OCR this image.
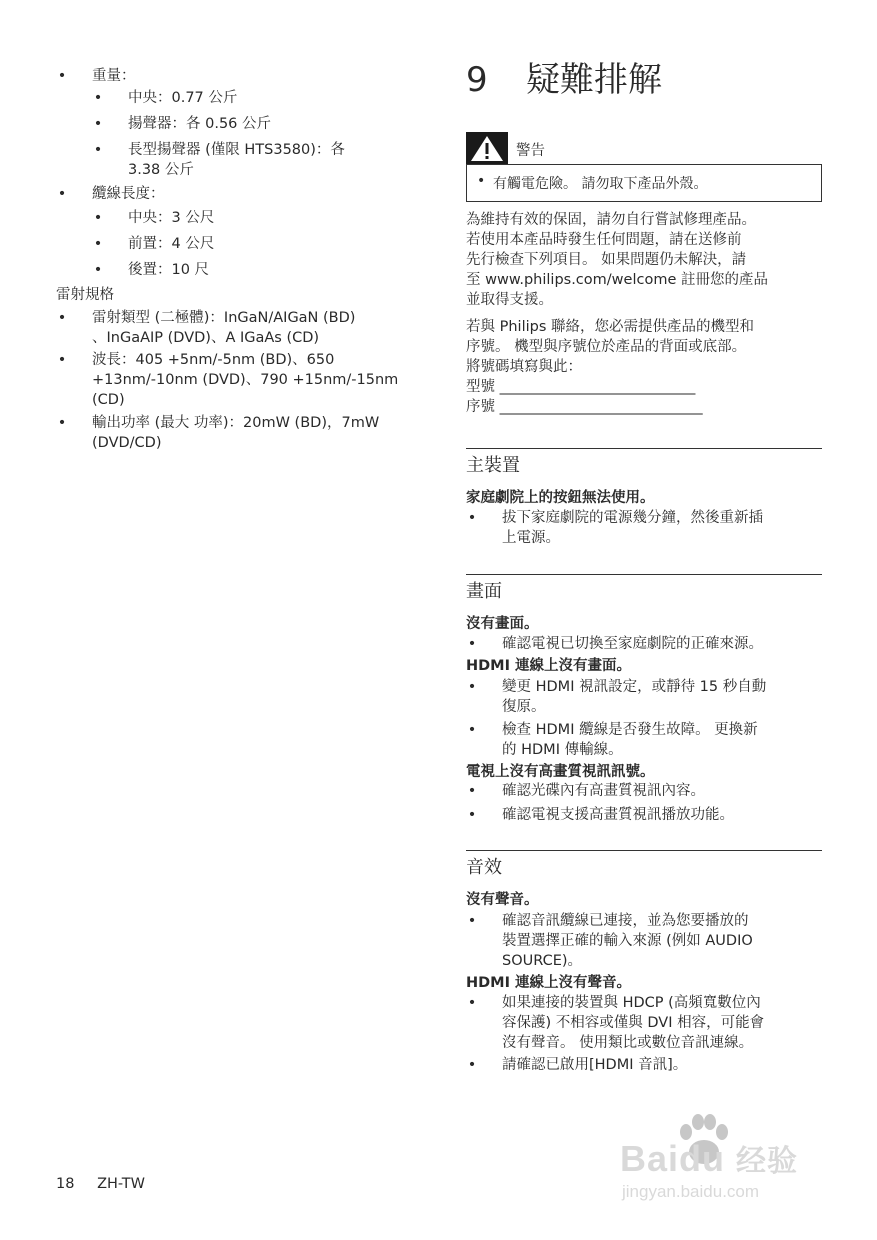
• 重量：
• 中央：0.77 公斤
• 揚聲器：各 0.56 公斤
• 長型揚聲器 (僅限 HTS3580)：各
3.38 公斤
• 纜線長度：
• 中央：3 公尺
• 前置：4 公尺
• 後置：10 尺
雷射規格
• 雷射類型 (二極體)：InGaN/AIGaN (BD)
、InGaAIP (DVD)、A IGaAs (CD)
• 波長：405 +5nm/-5nm (BD)、650
+13nm/-10nm (DVD)、790 +15nm/-15nm
(CD)
• 輸出功率 (最大 功率)：20mW (BD)，7mW
(DVD/CD)
9 疑難排解
警告
• 有觸電危險。 請勿取下產品外殼。
為維持有效的保固，請勿自行嘗試修理產品。
若使用本產品時發生任何問題，請在送修前
先行檢查下列項目。 如果問題仍未解決，請
至 www.philips.com/welcome 註冊您的產品
並取得支援。
若與 Philips 聯絡，您必需提供產品的機型和
序號。 機型與序號位於產品的背面或底部。
將號碼填寫與此：
型號 ___________________________
序號 ____________________________
主裝置
家庭劇院上的按鈕無法使用。
• 拔下家庭劇院的電源幾分鐘，然後重新插
上電源。
畫面
沒有畫面。
• 確認電視已切換至家庭劇院的正確來源。
HDMI 連線上沒有畫面。
• 變更 HDMI 視訊設定，或靜待 15 秒自動
復原。
• 檢查 HDMI 纜線是否發生故障。 更換新
的 HDMI 傳輸線。
電視上沒有高畫質視訊訊號。
• 確認光碟內有高畫質視訊內容。
• 確認電視支援高畫質視訊播放功能。
音效
沒有聲音。
• 確認音訊纜線已連接，並為您要播放的
裝置選擇正確的輸入來源 (例如 AUDIO
SOURCE)。
HDMI 連線上沒有聲音。
• 如果連接的裝置與 HDCP (高頻寬數位內
容保護) 不相容或僅與 DVI 相容，可能會
沒有聲音。 使用類比或數位音訊連線。
• 請確認已啟用[HDMI 音訊]。
18 ZH-TW
Baidu 经验
jingyan.baidu.com
